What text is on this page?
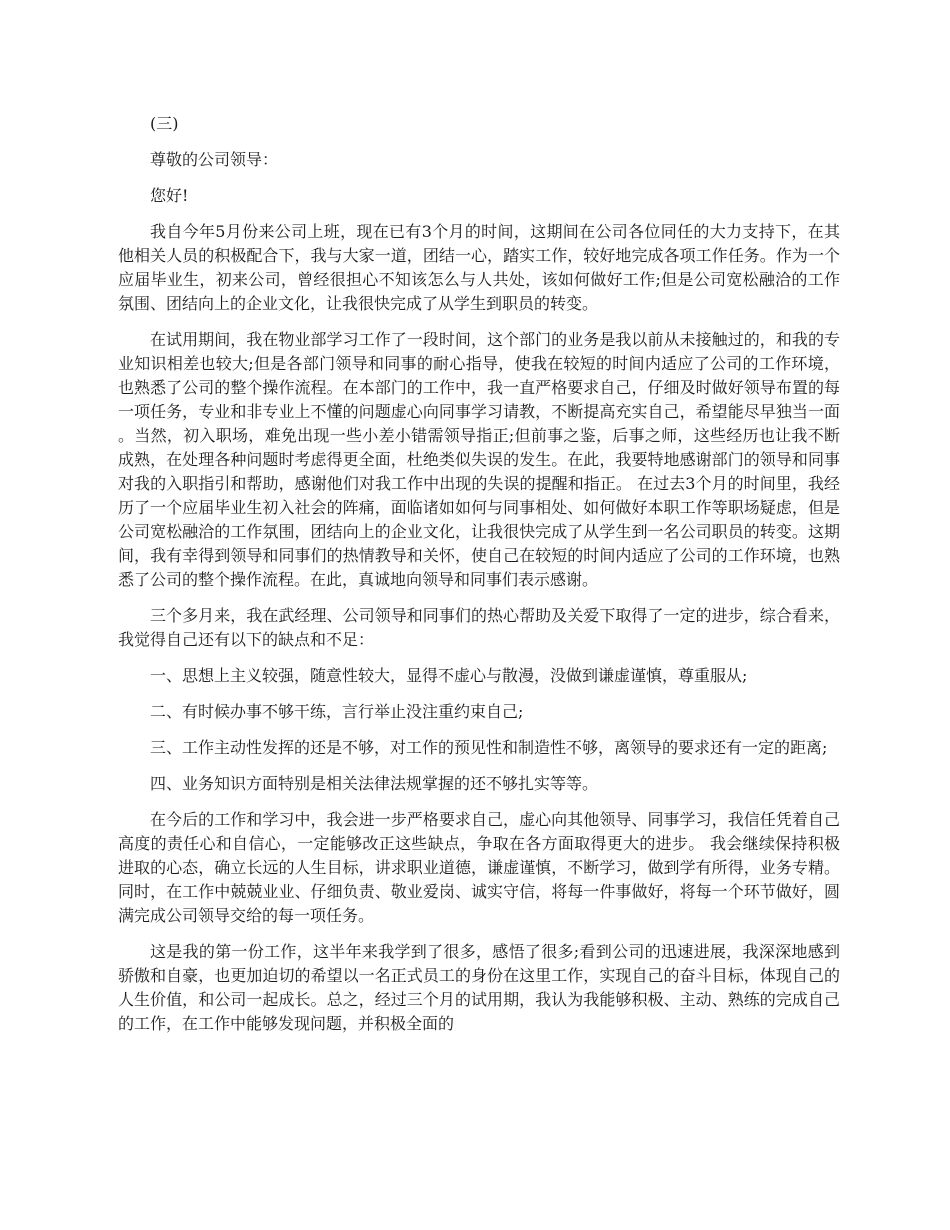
(三)

尊敬的公司领导：

您好!

我自今年5月份来公司上班，现在已有3个月的时间，这期间在公司各位同任的大力支持下，在其他相关人员的积极配合下，我与大家一道，团结一心，踏实工作，较好地完成各项工作任务。作为一个应届毕业生，初来公司，曾经很担心不知该怎么与人共处，该如何做好工作;但是公司宽松融洽的工作氛围、团结向上的企业文化，让我很快完成了从学生到职员的转变。

在试用期间，我在物业部学习工作了一段时间，这个部门的业务是我以前从未接触过的，和我的专业知识相差也较大;但是各部门领导和同事的耐心指导，使我在较短的时间内适应了公司的工作环境，也熟悉了公司的整个操作流程。在本部门的工作中，我一直严格要求自己，仔细及时做好领导布置的每一项任务，专业和非专业上不懂的问题虚心向同事学习请教，不断提高充实自己，希望能尽早独当一面 。当然，初入职场，难免出现一些小差小错需领导指正;但前事之鉴，后事之师，这些经历也让我不断成熟，在处理各种问题时考虑得更全面，杜绝类似失误的发生。在此，我要特地感谢部门的领导和同事对我的入职指引和帮助，感谢他们对我工作中出现的失误的提醒和指正。 在过去3个月的时间里，我经历了一个应届毕业生初入社会的阵痛，面临诸如如何与同事相处、如何做好本职工作等职场疑虑，但是公司宽松融洽的工作氛围，团结向上的企业文化，让我很快完成了从学生到一名公司职员的转变。这期间，我有幸得到领导和同事们的热情教导和关怀，使自己在较短的时间内适应了公司的工作环境，也熟悉了公司的整个操作流程。在此，真诚地向领导和同事们表示感谢。

三个多月来，我在武经理、公司领导和同事们的热心帮助及关爱下取得了一定的进步，综合看来，我觉得自己还有以下的缺点和不足：

一、思想上主义较强，随意性较大，显得不虚心与散漫，没做到谦虚谨慎，尊重服从;

二、有时候办事不够干练，言行举止没注重约束自己;

三、工作主动性发挥的还是不够，对工作的预见性和制造性不够，离领导的要求还有一定的距离;

四、业务知识方面特别是相关法律法规掌握的还不够扎实等等。

在今后的工作和学习中，我会进一步严格要求自己，虚心向其他领导、同事学习，我信任凭着自己高度的责任心和自信心，一定能够改正这些缺点，争取在各方面取得更大的进步。 我会继续保持积极进取的心态，确立长远的人生目标，讲求职业道德，谦虚谨慎，不断学习，做到学有所得，业务专精。同时，在工作中兢兢业业、仔细负责、敬业爱岗、诚实守信，将每一件事做好，将每一个环节做好，圆满完成公司领导交给的每一项任务。

这是我的第一份工作，这半年来我学到了很多，感悟了很多;看到公司的迅速进展，我深深地感到骄傲和自豪，也更加迫切的希望以一名正式员工的身份在这里工作，实现自己的奋斗目标，体现自己的人生价值，和公司一起成长。总之，经过三个月的试用期，我认为我能够积极、主动、熟练的完成自己的工作，在工作中能够发现问题，并积极全面的
